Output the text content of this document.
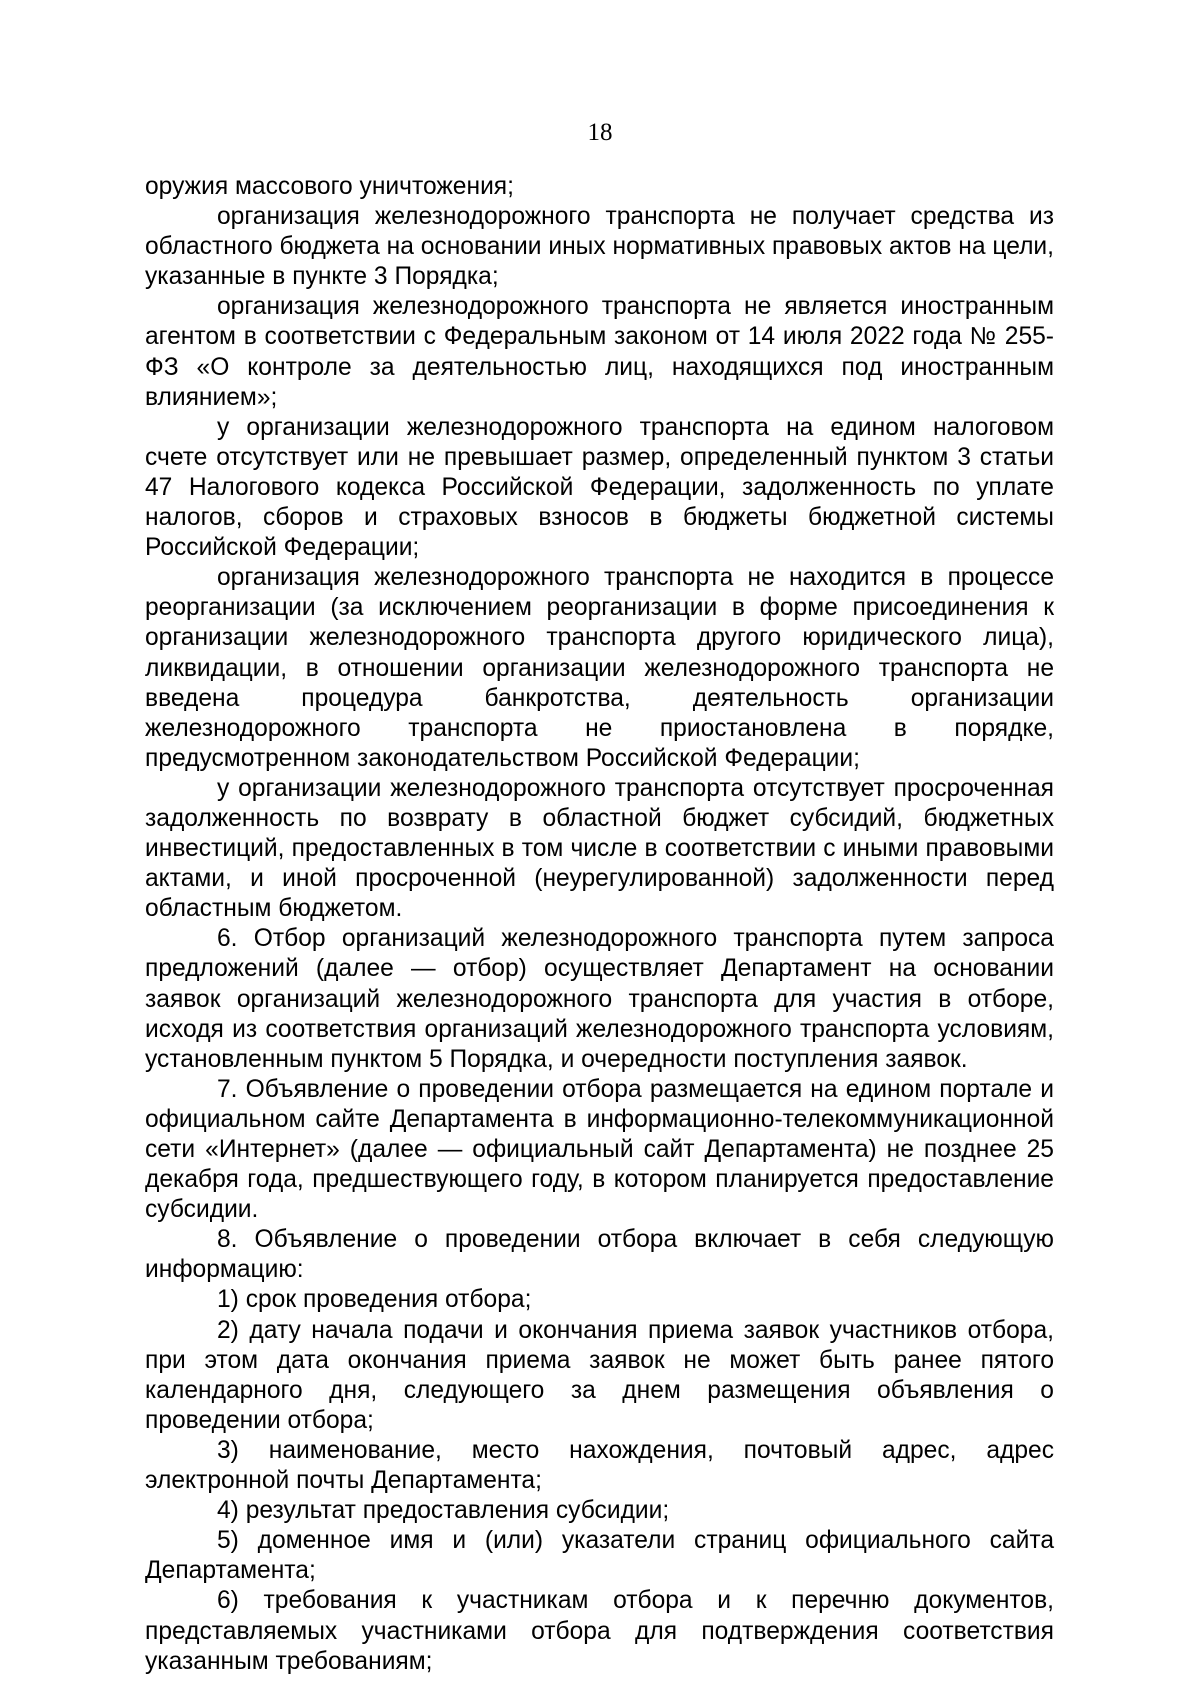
18

оружия массового уничтожения;

организация железнодорожного транспорта не получает средства из областного бюджета на основании иных нормативных правовых актов на цели, указанные в пункте 3 Порядка;

организация железнодорожного транспорта не является иностранным агентом в соответствии с Федеральным законом от 14 июля 2022 года № 255-ФЗ «О контроле за деятельностью лиц, находящихся под иностранным влиянием»;

у организации железнодорожного транспорта на едином налоговом счете отсутствует или не превышает размер, определенный пунктом 3 статьи 47 Налогового кодекса Российской Федерации, задолженность по уплате налогов, сборов и страховых взносов в бюджеты бюджетной системы Российской Федерации;

организация железнодорожного транспорта не находится в процессе реорганизации (за исключением реорганизации в форме присоединения к организации железнодорожного транспорта другого юридического лица), ликвидации, в отношении организации железнодорожного транспорта не введена процедура банкротства, деятельность организации железнодорожного транспорта не приостановлена в порядке, предусмотренном законодательством Российской Федерации;

у организации железнодорожного транспорта отсутствует просроченная задолженность по возврату в областной бюджет субсидий, бюджетных инвестиций, предоставленных в том числе в соответствии с иными правовыми актами, и иной просроченной (неурегулированной) задолженности перед областным бюджетом.

6. Отбор организаций железнодорожного транспорта путем запроса предложений (далее — отбор) осуществляет Департамент на основании заявок организаций железнодорожного транспорта для участия в отборе, исходя из соответствия организаций железнодорожного транспорта условиям, установленным пунктом 5 Порядка, и очередности поступления заявок.

7. Объявление о проведении отбора размещается на едином портале и официальном сайте Департамента в информационно-телекоммуникационной сети «Интернет» (далее — официальный сайт Департамента) не позднее 25 декабря года, предшествующего году, в котором планируется предоставление субсидии.

8. Объявление о проведении отбора включает в себя следующую информацию:

1) срок проведения отбора;

2) дату начала подачи и окончания приема заявок участников отбора, при этом дата окончания приема заявок не может быть ранее пятого календарного дня, следующего за днем размещения объявления о проведении отбора;

3) наименование, место нахождения, почтовый адрес, адрес электронной почты Департамента;

4) результат предоставления субсидии;

5) доменное имя и (или) указатели страниц официального сайта Департамента;

6) требования к участникам отбора и к перечню документов, представляемых участниками отбора для подтверждения соответствия указанным требованиям;
